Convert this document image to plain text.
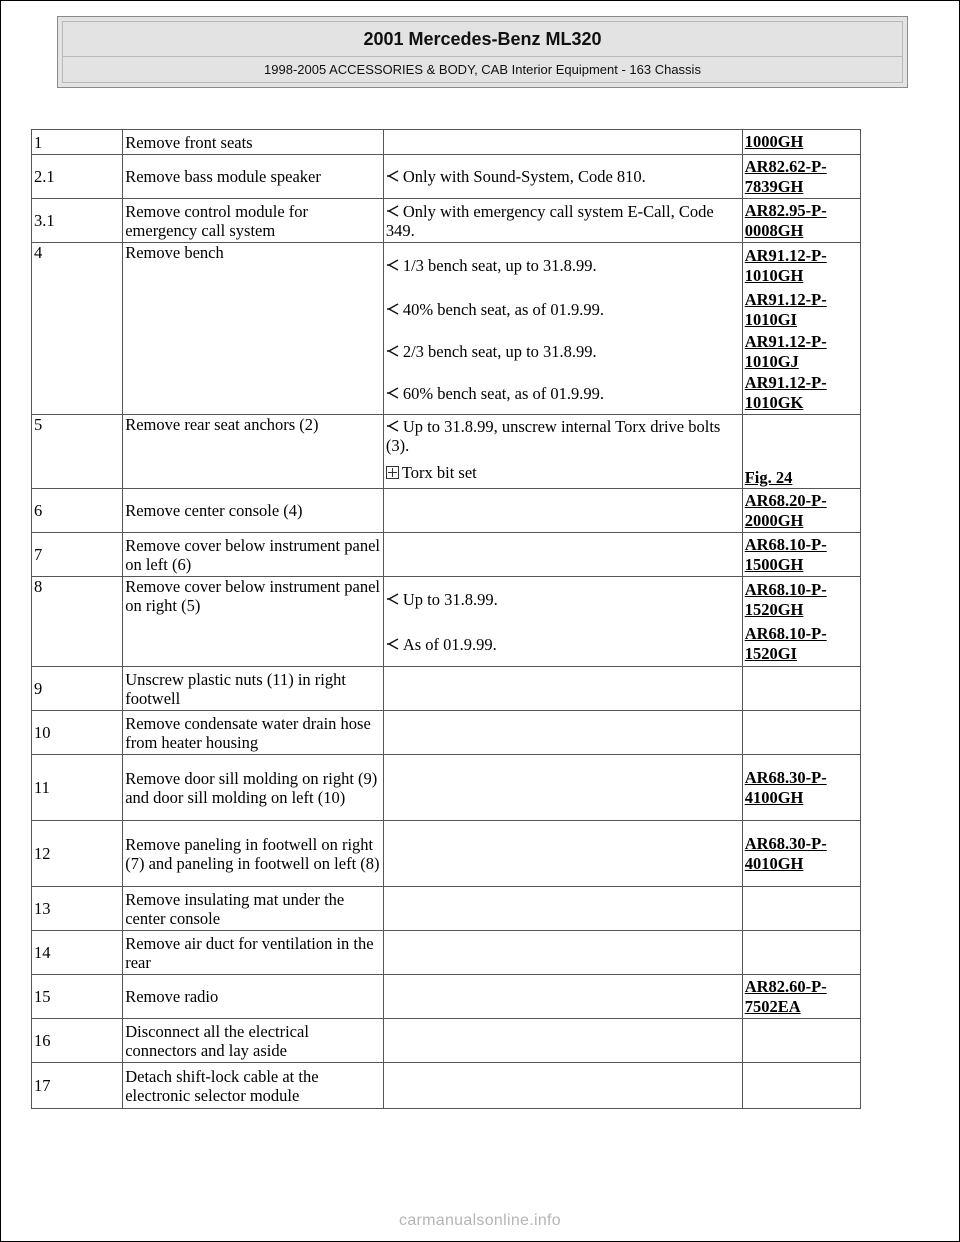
2001 Mercedes-Benz ML320
1998-2005 ACCESSORIES & BODY, CAB Interior Equipment - 163 Chassis
1	Remove front seats		1000GH

2.1	Remove bass module speaker	Only with Sound-System, Code 810.	AR82.62-P-7839GH

3.1	Remove control module for emergency call system	Only with emergency call system E-Call, Code 349.	AR82.95-P-0008GH

4	Remove bench	1/3 bench seat, up to 31.8.99.	AR91.12-P-1010GH

		40% bench seat, as of 01.9.99.	AR91.12-P-1010GI

		2/3 bench seat, up to 31.8.99.	AR91.12-P-1010GJ

		60% bench seat, as of 01.9.99.	AR91.12-P-1010GK

5	Remove rear seat anchors (2)	Up to 31.8.99, unscrew internal Torx drive bolts (3).	
		Torx bit set	Fig. 24

6	Remove center console (4)		AR68.20-P-2000GH

7	Remove cover below instrument panel on left (6)		AR68.10-P-1500GH

8	Remove cover below instrument panel on right (5)	Up to 31.8.99.	AR68.10-P-1520GH

		As of 01.9.99.	AR68.10-P-1520GI

9	Unscrew plastic nuts (11) in right footwell		
10	Remove condensate water drain hose from heater housing		
11	Remove door sill molding on right (9) and door sill molding on left (10)		AR68.30-P-4100GH

12	Remove paneling in footwell on right (7) and paneling in footwell on left (8)		AR68.30-P-4010GH

13	Remove insulating mat under the center console		
14	Remove air duct for ventilation in the rear		
15	Remove radio		AR82.60-P-7502EA

16	Disconnect all the electrical connectors and lay aside		
17	Detach shift-lock cable at the electronic selector module		
carmanualsonline.info
